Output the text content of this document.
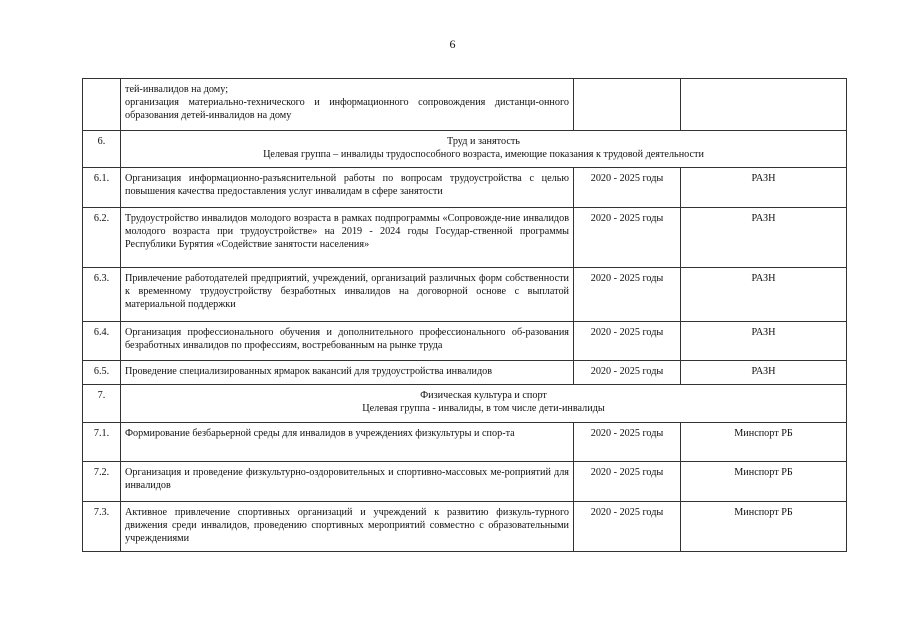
6

	тей-инвалидов на дому;
организация материально-технического и информационного сопровождения дистанци-онного образования детей-инвалидов на дому		

6.	Труд и занятость
Целевая группа – инвалиды трудоспособного возраста, имеющие показания к трудовой деятельности		

6.1.	Организация информационно-разъяснительной работы по вопросам трудоустройства с целью повышения качества предоставления услуг инвалидам в сфере занятости	2020 - 2025 годы	РАЗН
6.2.	Трудоустройство инвалидов молодого возраста в рамках подпрограммы «Сопровожде-ние инвалидов молодого возраста при трудоустройстве» на 2019 - 2024 годы Государ-ственной программы Республики Бурятия «Содействие занятости населения»	2020 - 2025 годы	РАЗН
6.3.	Привлечение работодателей предприятий, учреждений, организаций различных форм собственности к временному трудоустройству безработных инвалидов на договорной основе с выплатой материальной поддержки	2020 - 2025 годы	РАЗН
6.4.	Организация профессионального обучения и дополнительного профессионального об-разования безработных инвалидов по профессиям, востребованным на рынке труда	2020 - 2025 годы	РАЗН
6.5.	Проведение специализированных ярмарок вакансий для трудоустройства инвалидов	2020 - 2025 годы	РАЗН
7.	Физическая культура и спорт
Целевая группа - инвалиды, в том числе дети-инвалиды		

7.1.	Формирование безбарьерной среды для инвалидов в учреждениях физкультуры и спор-та	2020 - 2025 годы	Минспорт РБ
7.2.	Организация и проведение физкультурно-оздоровительных и спортивно-массовых ме-роприятий для инвалидов	2020 - 2025 годы	Минспорт РБ
7.3.	Активное привлечение спортивных организаций и учреждений к развитию физкуль-турного движения среди инвалидов, проведению спортивных мероприятий совместно с образовательными учреждениями	2020 - 2025 годы	Минспорт РБ
